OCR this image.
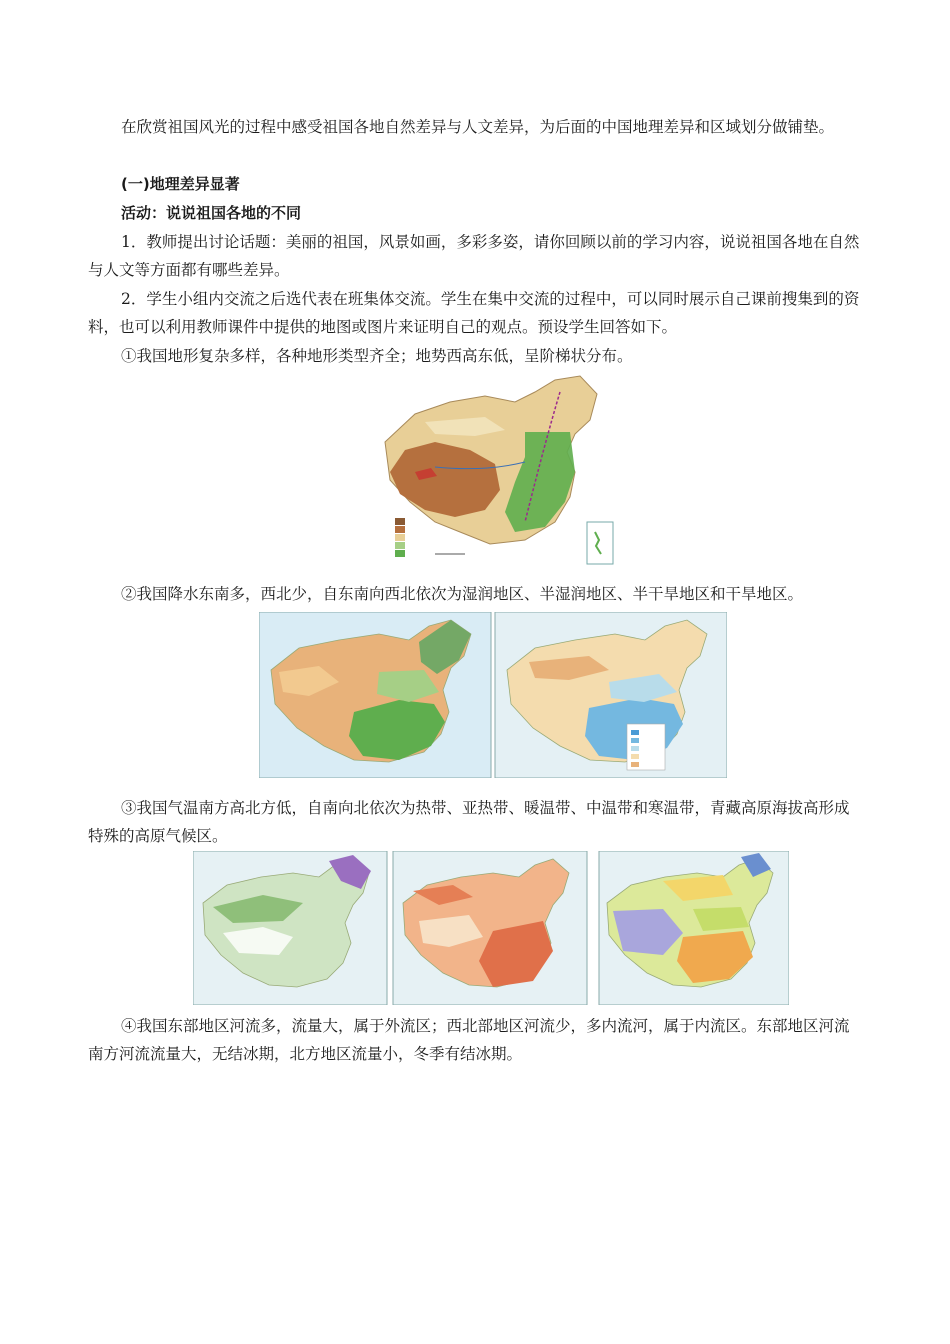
在欣赏祖国风光的过程中感受祖国各地自然差异与人文差异，为后面的中国地理差异和区域划分做铺垫。

(一)地理差异显著

活动：说说祖国各地的不同

1．教师提出讨论话题：美丽的祖国，风景如画，多彩多姿，请你回顾以前的学习内容，说说祖国各地在自然与人文等方面都有哪些差异。

2．学生小组内交流之后选代表在班集体交流。学生在集中交流的过程中，可以同时展示自己课前搜集到的资料，也可以利用教师课件中提供的地图或图片来证明自己的观点。预设学生回答如下。

①我国地形复杂多样，各种地形类型齐全；地势西高东低，呈阶梯状分布。

②我国降水东南多，西北少，自东南向西北依次为湿润地区、半湿润地区、半干旱地区和干旱地区。

③我国气温南方高北方低，自南向北依次为热带、亚热带、暖温带、中温带和寒温带，青藏高原海拔高形成特殊的高原气候区。

④我国东部地区河流多，流量大，属于外流区；西北部地区河流少，多内流河，属于内流区。东部地区河流南方河流流量大，无结冰期，北方地区流量小，冬季有结冰期。
